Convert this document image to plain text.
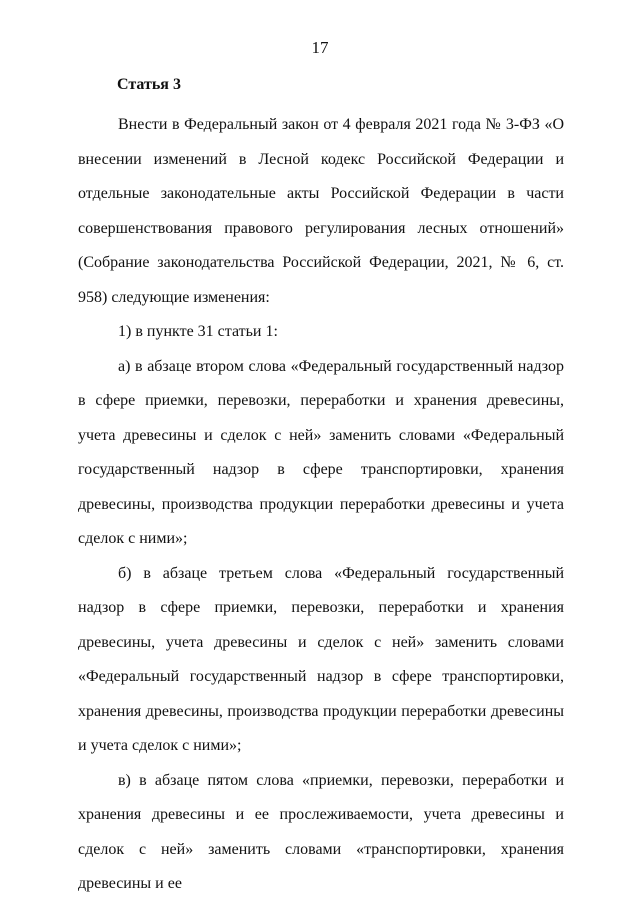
17
Статья 3

Внести в Федеральный закон от 4 февраля 2021 года № 3-ФЗ «О внесении изменений в Лесной кодекс Российской Федерации и отдельные законодательные акты Российской Федерации в части совершенствования правового регулирования лесных отношений» (Собрание законодательства Российской Федерации, 2021, № 6, ст. 958) следующие изменения:

1) в пункте 31 статьи 1:

а) в абзаце втором слова «Федеральный государственный надзор в сфере приемки, перевозки, переработки и хранения древесины, учета древесины и сделок с ней» заменить словами «Федеральный государственный надзор в сфере транспортировки, хранения древесины, производства продукции переработки древесины и учета сделок с ними»;

б) в абзаце третьем слова «Федеральный государственный надзор в сфере приемки, перевозки, переработки и хранения древесины, учета древесины и сделок с ней» заменить словами «Федеральный государственный надзор в сфере транспортировки, хранения древесины, производства продукции переработки древесины и учета сделок с ними»;

в) в абзаце пятом слова «приемки, перевозки, переработки и хранения древесины и ее прослеживаемости, учета древесины и сделок с ней» заменить словами «транспортировки, хранения древесины и ее
